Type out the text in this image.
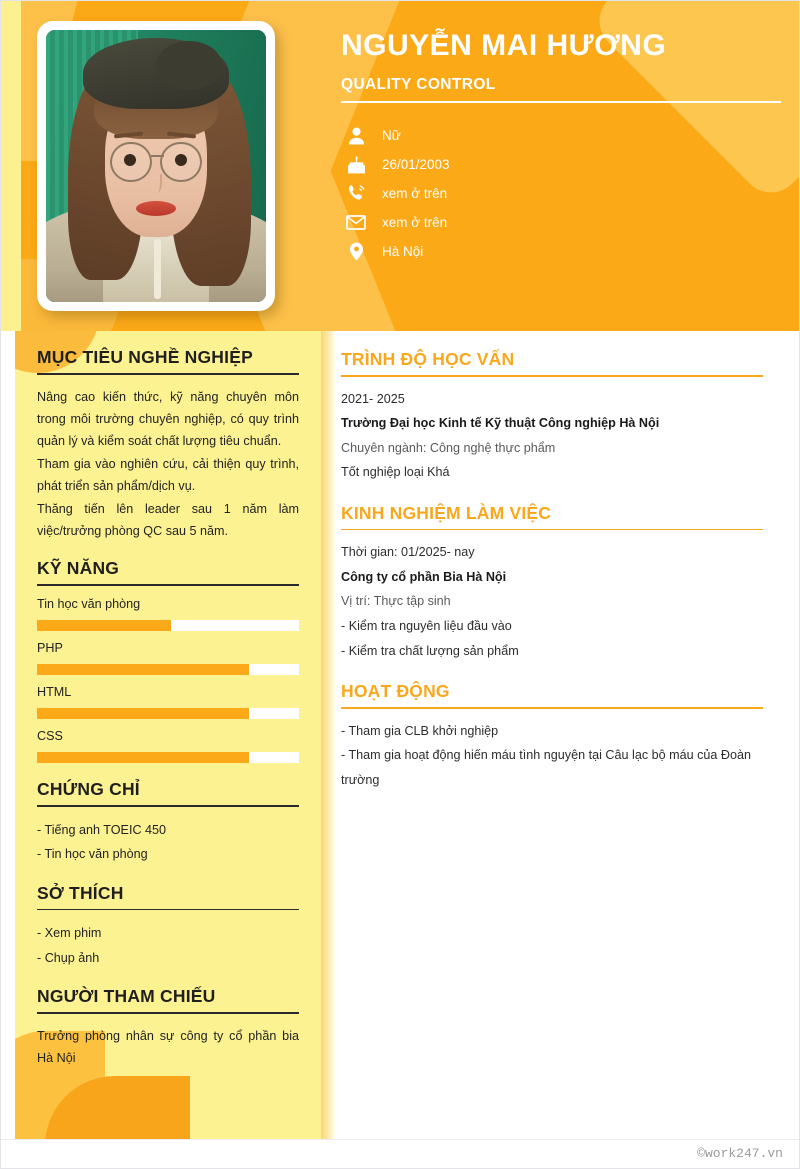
NGUYỄN MAI HƯƠNG
QUALITY CONTROL
Nữ
26/01/2003
xem ở trên
xem ở trên
Hà Nội
MỤC TIÊU NGHỀ NGHIỆP
Nâng cao kiến thức, kỹ năng chuyên môn trong môi trường chuyên nghiệp, có quy trình quản lý và kiểm soát chất lượng tiêu chuẩn.
Tham gia vào nghiên cứu, cải thiện quy trình, phát triển sản phẩm/dịch vụ.
Thăng tiến lên leader sau 1 năm làm việc/trưởng phòng QC sau 5 năm.
KỸ NĂNG
Tin học văn phòng
PHP
HTML
CSS
CHỨNG CHỈ
- Tiếng anh TOEIC 450
- Tin học văn phòng
SỞ THÍCH
- Xem phim
- Chụp ảnh
NGƯỜI THAM CHIẾU
Trưởng phòng nhân sự công ty cổ phần bia Hà Nội
TRÌNH ĐỘ HỌC VẤN
2021- 2025
Trường Đại học Kinh tế Kỹ thuật Công nghiệp Hà Nội
Chuyên ngành: Công nghệ thực phẩm
Tốt nghiệp loại Khá
KINH NGHIỆM LÀM VIỆC
Thời gian: 01/2025- nay
Công ty cổ phần Bia Hà Nội
Vị trí: Thực tập sinh
- Kiểm tra nguyên liệu đầu vào
- Kiểm tra chất lượng sản phẩm
HOẠT ĐỘNG
- Tham gia CLB khởi nghiệp
- Tham gia hoạt động hiến máu tình nguyện tại Câu lạc bộ máu của Đoàn trường
©work247.vn
